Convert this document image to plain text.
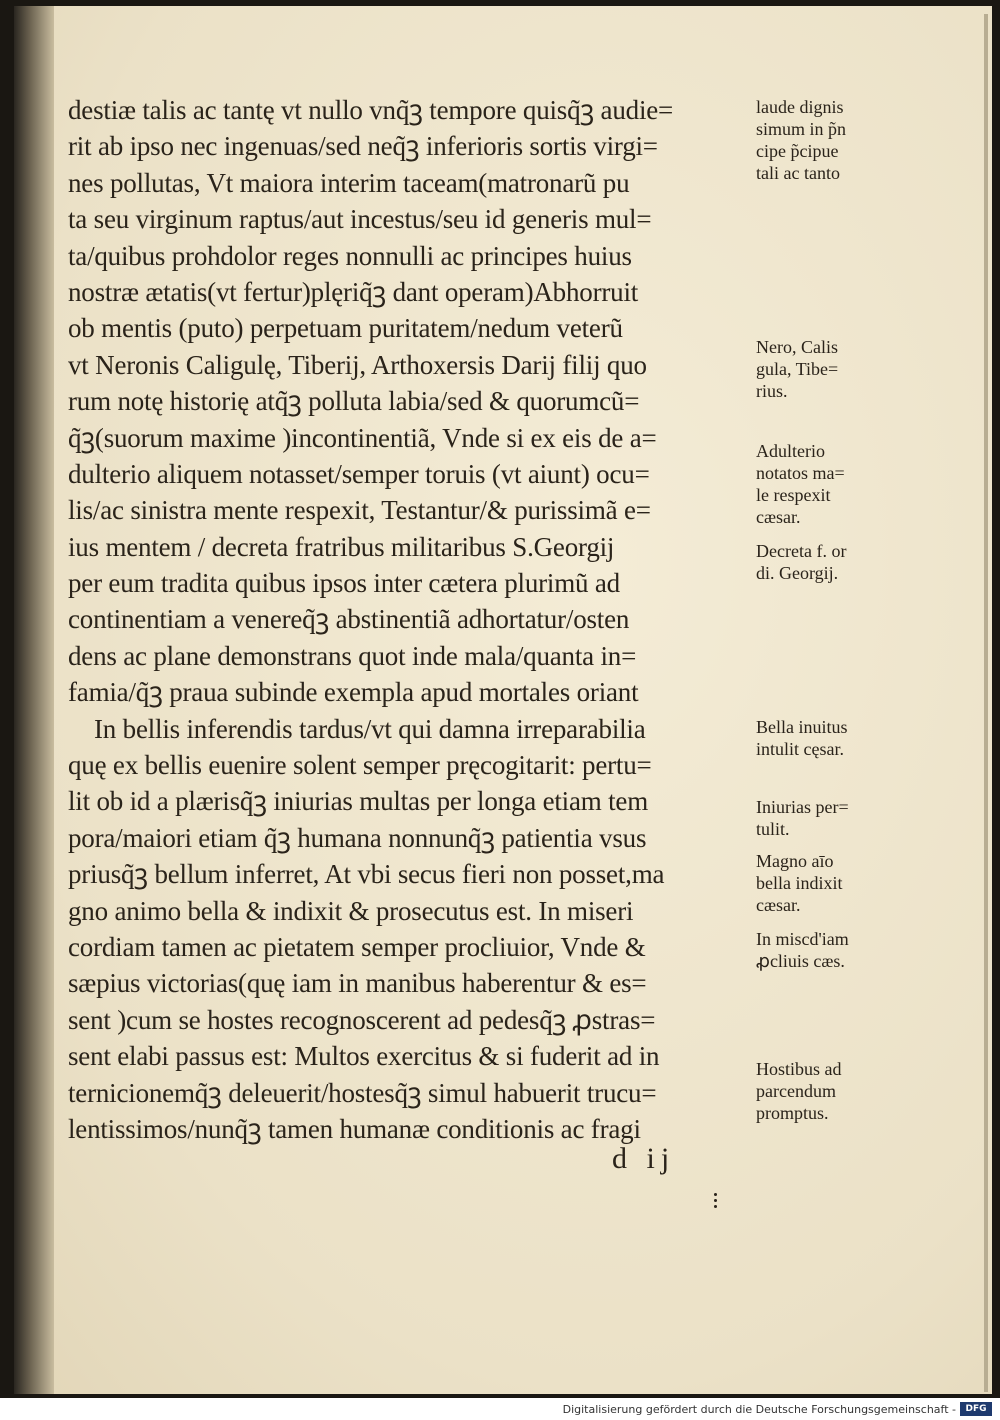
destiæ talis ac tantę vt nullo vnq̃ꝫ tempore quisq̃ꝫ audie=
rit ab ipso nec ingenuas/sed neq̃ꝫ inferioris sortis virgi=
nes pollutas, Vt maiora interim taceam(matronarũ pu
ta seu virginum raptus/aut incestus/seu id generis mul=
ta/quibus prohdolor reges nonnulli ac principes huius
nostræ ætatis(vt fertur)plęriq̃ꝫ dant operam)Abhorruit
ob mentis (puto) perpetuam puritatem/nedum veterũ
vt Neronis Caligulę, Tiberij, Arthoxersis Darij filij quo
rum notę historię atq̃ꝫ polluta labia/sed & quorumcũ=
q̃ꝫ(suorum maxime )incontinentiã, Vnde si ex eis de a=
dulterio aliquem notasset/semper toruis (vt aiunt) ocu=
lis/ac sinistra mente respexit, Testantur/& purissimã e=
ius mentem / decreta fratribus militaribus S.Georgij
per eum tradita quibus ipsos inter cætera plurimũ ad
continentiam a venereq̃ꝫ abstinentiã adhortatur/osten
dens ac plane demonstrans quot inde mala/quanta in=
famia/q̃ꝫ praua subinde exempla apud mortales oriant
In bellis inferendis tardus/vt qui damna irreparabilia
quę ex bellis euenire solent semper pręcogitarit: pertu=
lit ob id a plærisq̃ꝫ iniurias multas per longa etiam tem
pora/maiori etiam q̃ꝫ humana nonnunq̃ꝫ patientia vsus
priusq̃ꝫ bellum inferret, At vbi secus fieri non posset,ma
gno animo bella & indixit & prosecutus est. In miseri
cordiam tamen ac pietatem semper procliuior, Vnde &
sæpius victorias(quę iam in manibus haberentur & es=
sent )cum se hostes recognoscerent ad pedesq̃ꝫ ꝓstras=
sent elabi passus est: Multos exercitus & si fuderit ad in
ternicionemq̃ꝫ deleuerit/hostesq̃ꝫ simul habuerit trucu=
lentissimos/nunq̃ꝫ tamen humanæ conditionis ac fragi
laude dignis
simum in p̃n
cipe p̃cipue
tali ac tanto
Nero, Calis
gula, Tibe=
rius.
Adulterio
notatos ma=
le respexit
cæsar.
Decreta f. or
di. Georgij.
Bella inuitus
intulit cęsar.
Iniurias per=
tulit.
Magno aīo
bella indixit
cæsar.
In miscd'iam
ꝓcliuis cæs.
Hostibus ad
parcendum
promptus.
d ij
Digitalisierung gefördert durch die Deutsche Forschungsgemeinschaft -	DFG
